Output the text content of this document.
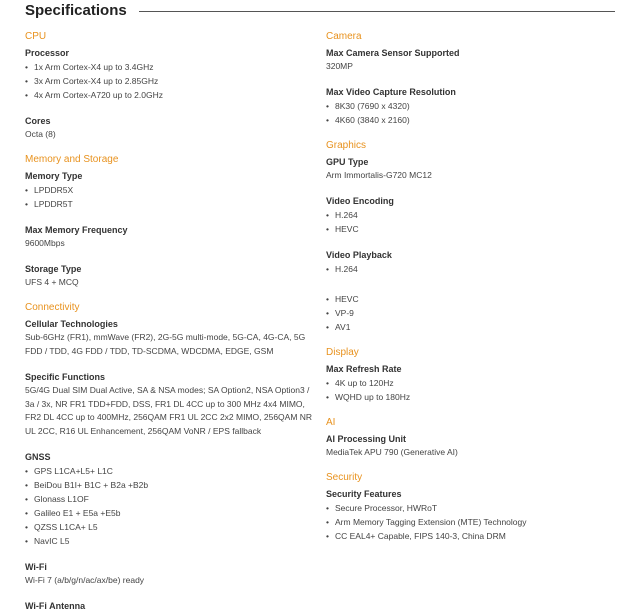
Specifications
CPU
Processor
• 1x Arm Cortex-X4 up to 3.4GHz
• 3x Arm Cortex-X4 up to 2.85GHz
• 4x Arm Cortex-A720 up to 2.0GHz
Cores
Octa (8)
Memory and Storage
Memory Type
• LPDDR5X
• LPDDR5T
Max Memory Frequency
9600Mbps
Storage Type
UFS 4 + MCQ
Connectivity
Cellular Technologies
Sub-6GHz (FR1), mmWave (FR2), 2G-5G multi-mode, 5G-CA, 4G-CA, 5G FDD / TDD, 4G FDD / TDD, TD-SCDMA, WDCDMA, EDGE, GSM
Specific Functions
5G/4G Dual SIM Dual Active, SA & NSA modes; SA Option2, NSA Option3 / 3a / 3x, NR FR1 TDD+FDD, DSS, FR1 DL 4CC up to 300 MHz 4x4 MIMO, FR2 DL 4CC up to 400MHz, 256QAM FR1 UL 2CC 2x2 MIMO, 256QAM NR UL 2CC, R16 UL Enhancement, 256QAM VoNR / EPS fallback
GNSS
• GPS L1CA+L5+ L1C
• BeiDou B1I+ B1C + B2a +B2b
• Glonass L1OF
• Galileo E1 + E5a +E5b
• QZSS L1CA+ L5
• NavIC L5
Wi-Fi
Wi-Fi 7 (a/b/g/n/ac/ax/be) ready
Wi-Fi Antenna
Camera
Max Camera Sensor Supported
320MP
Max Video Capture Resolution
• 8K30 (7690 x 4320)
• 4K60 (3840 x 2160)
Graphics
GPU Type
Arm Immortalis-G720 MC12
Video Encoding
• H.264
• HEVC
Video Playback
• H.264
• HEVC
• VP-9
• AV1
Display
Max Refresh Rate
• 4K up to 120Hz
• WQHD up to 180Hz
AI
AI Processing Unit
MediaTek APU 790 (Generative AI)
Security
Security Features
• Secure Processor, HWRoT
• Arm Memory Tagging Extension (MTE) Technology
• CC EAL4+ Capable, FIPS 140-3, China DRM
